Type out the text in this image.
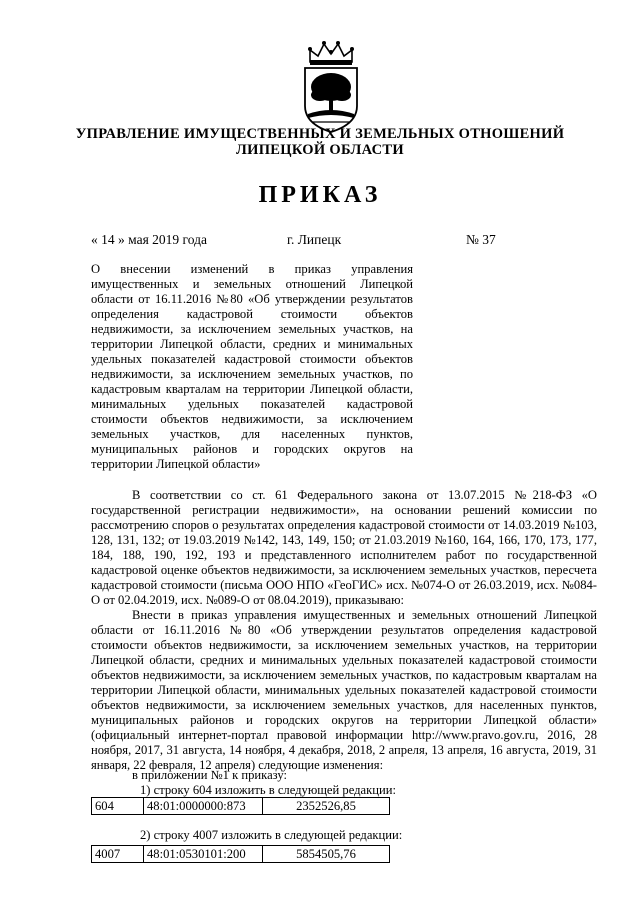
УПРАВЛЕНИЕ ИМУЩЕСТВЕННЫХ И ЗЕМЕЛЬНЫХ ОТНОШЕНИЙ
ЛИПЕЦКОЙ ОБЛАСТИ
ПРИКАЗ
« 14 » мая 2019 года	г. Липецк	№ 37
О внесении изменений в приказ управления имущественных и земельных отношений Липецкой области от 16.11.2016 №80 «Об утверждении результатов определения кадастровой стоимости объектов недвижимости, за исключением земельных участков, на территории Липецкой области, средних и минимальных удельных показателей кадастровой стоимости объектов недвижимости, за исключением земельных участков, по кадастровым кварталам на территории Липецкой области, минимальных удельных показателей кадастровой стоимости объектов недвижимости, за исключением земельных участков, для населенных пунктов, муниципальных районов и городских округов на территории Липецкой области»

В соответствии со ст. 61 Федерального закона от 13.07.2015 №218-ФЗ «О государственной регистрации недвижимости», на основании решений комиссии по рассмотрению споров о результатах определения кадастровой стоимости от 14.03.2019 №103, 128, 131, 132; от 19.03.2019 №142, 143, 149, 150; от 21.03.2019 №160, 164, 166, 170, 173, 177, 184, 188, 190, 192, 193 и представленного исполнителем работ по государственной кадастровой оценке объектов недвижимости, за исключением земельных участков, пересчета кадастровой стоимости (письма ООО НПО «ГеоГИС» исх. №074-О от 26.03.2019, исх. №084-О от 02.04.2019, исх. №089-О от 08.04.2019), приказываю:

Внести в приказ управления имущественных и земельных отношений Липецкой области от 16.11.2016 №80 «Об утверждении результатов определения кадастровой стоимости объектов недвижимости, за исключением земельных участков, на территории Липецкой области, средних и минимальных удельных показателей кадастровой стоимости объектов недвижимости, за исключением земельных участков, по кадастровым кварталам на территории Липецкой области, минимальных удельных показателей кадастровой стоимости объектов недвижимости, за исключением земельных участков, для населенных пунктов, муниципальных районов и городских округов на территории Липецкой области» (официальный интернет-портал правовой информации http://www.pravo.gov.ru, 2016, 28 ноября, 2017, 31 августа, 14 ноября, 4 декабря, 2018, 2 апреля, 13 апреля, 16 августа, 2019, 31 января, 22 февраля, 12 апреля) следующие изменения:

в приложении №1 к приказу:
1) строку 604 изложить в следующей редакции:
604	48:01:0000000:873	2352526,85
2) строку 4007 изложить в следующей редакции:
4007	48:01:0530101:200	5854505,76
